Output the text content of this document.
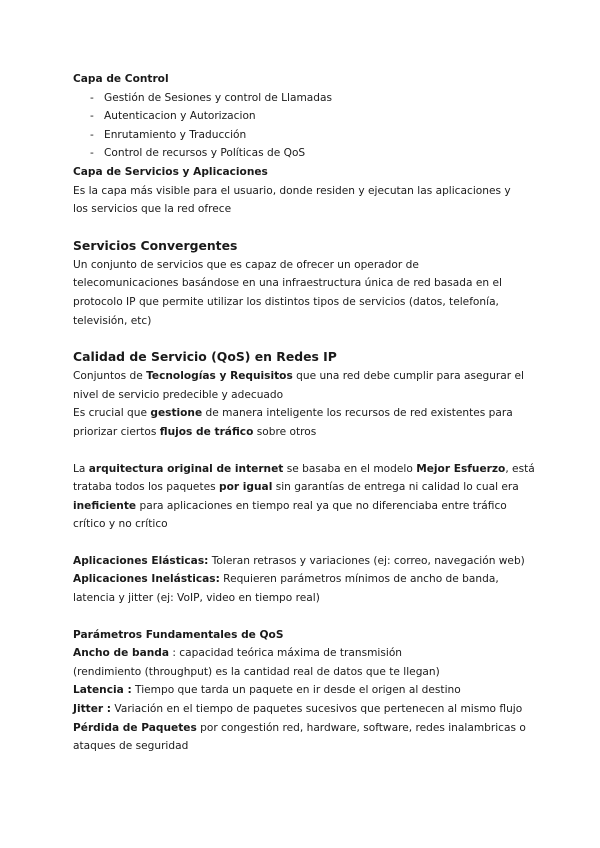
Capa de Control
- Gestión de Sesiones y control de Llamadas
- Autenticacion y Autorizacion
- Enrutamiento y Traducción
- Control de recursos y Políticas de QoS
Capa de Servicios y Aplicaciones
Es la capa más visible para el usuario, donde residen y ejecutan las aplicaciones y
los servicios que la red ofrece
Servicios Convergentes
Un conjunto de servicios que es capaz de ofrecer un operador de
telecomunicaciones basándose en una infraestructura única de red basada en el
protocolo IP que permite utilizar los distintos tipos de servicios (datos, telefonía,
televisión, etc)
Calidad de Servicio (QoS) en Redes IP
Conjuntos de Tecnologías y Requisitos que una red debe cumplir para asegurar el
nivel de servicio predecible y adecuado
Es crucial que gestione de manera inteligente los recursos de red existentes para
priorizar ciertos flujos de tráfico sobre otros
La arquitectura original de internet se basaba en el modelo Mejor Esfuerzo, está
trataba todos los paquetes por igual sin garantías de entrega ni calidad lo cual era
ineficiente para aplicaciones en tiempo real ya que no diferenciaba entre tráfico
crítico y no crítico
Aplicaciones Elásticas: Toleran retrasos y variaciones (ej: correo, navegación web)
Aplicaciones Inelásticas: Requieren parámetros mínimos de ancho de banda,
latencia y jitter (ej: VoIP, video en tiempo real)
Parámetros Fundamentales de QoS
Ancho de banda : capacidad teórica máxima de transmisión
(rendimiento (throughput) es la cantidad real de datos que te llegan)
Latencia : Tiempo que tarda un paquete en ir desde el origen al destino
Jitter : Variación en el tiempo de paquetes sucesivos que pertenecen al mismo flujo
Pérdida de Paquetes por congestión red, hardware, software, redes inalambricas o
ataques de seguridad
